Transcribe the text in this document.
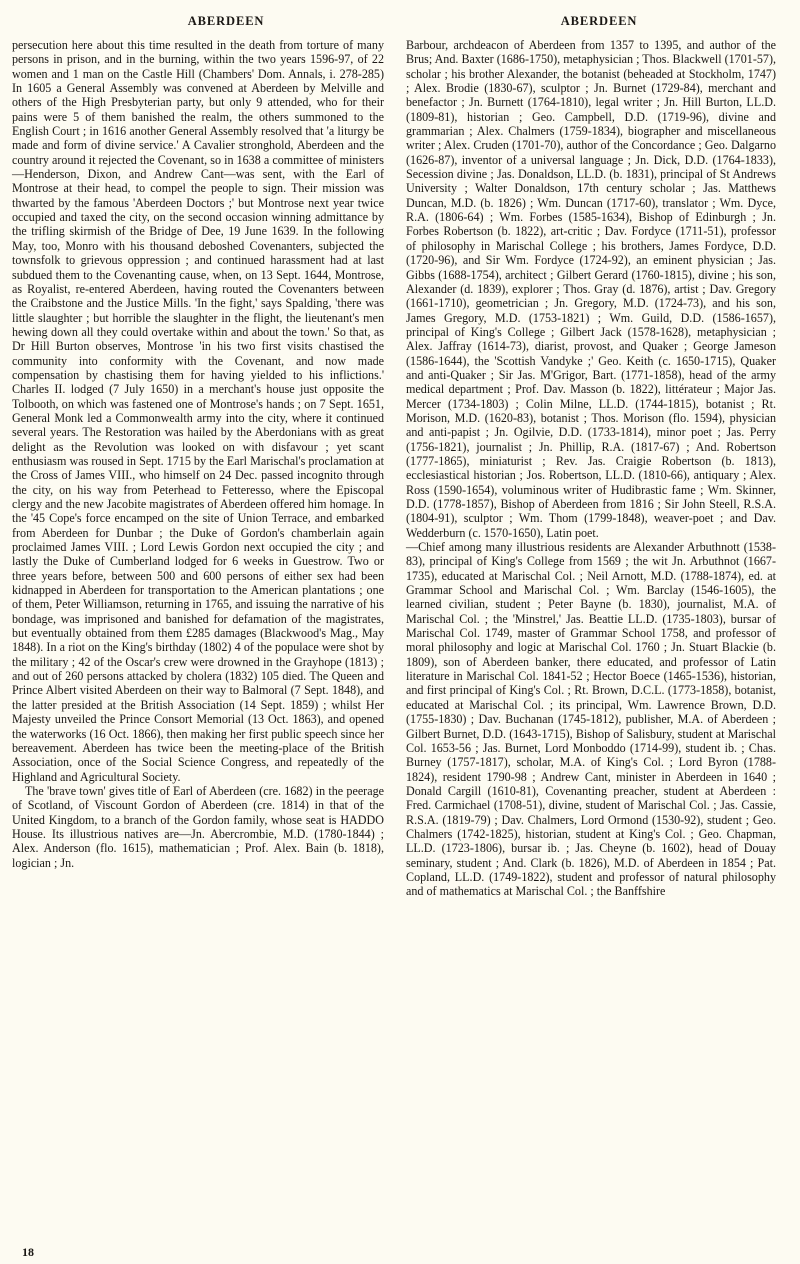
ABERDEEN	ABERDEEN

persecution here about this time resulted in the death from torture of many persons in prison, and in the burning, within the two years 1596-97, of 22 women and 1 man on the Castle Hill (Chambers' Dom. Annals, i. 278-285) In 1605 a General Assembly was convened at Aberdeen by Melville and others of the High Presbyterian party, but only 9 attended, who for their pains were 5 of them banished the realm, the others summoned to the English Court ; in 1616 another General Assembly resolved that 'a liturgy be made and form of divine service.' A Cavalier stronghold, Aberdeen and the country around it rejected the Covenant, so in 1638 a committee of ministers—Henderson, Dixon, and Andrew Cant—was sent, with the Earl of Montrose at their head, to compel the people to sign. Their mission was thwarted by the famous 'Aberdeen Doctors ;' but Montrose next year twice occupied and taxed the city, on the second occasion winning admittance by the trifling skirmish of the Bridge of Dee, 19 June 1639. In the following May, too, Monro with his thousand deboshed Covenanters, subjected the townsfolk to grievous oppression ; and continued harassment had at last subdued them to the Covenanting cause, when, on 13 Sept. 1644, Montrose, as Royalist, re-entered Aberdeen, having routed the Covenanters between the Craibstone and the Justice Mills. 'In the fight,' says Spalding, 'there was little slaughter ; but horrible the slaughter in the flight, the lieutenant's men hewing down all they could overtake within and about the town.' So that, as Dr Hill Burton observes, Montrose 'in his two first visits chastised the community into conformity with the Covenant, and now made compensation by chastising them for having yielded to his inflictions.' Charles II. lodged (7 July 1650) in a merchant's house just opposite the Tolbooth, on which was fastened one of Montrose's hands ; on 7 Sept. 1651, General Monk led a Commonwealth army into the city, where it continued several years. The Restoration was hailed by the Aberdonians with as great delight as the Revolution was looked on with disfavour ; yet scant enthusiasm was roused in Sept. 1715 by the Earl Marischal's proclamation at the Cross of James VIII., who himself on 24 Dec. passed incognito through the city, on his way from Peterhead to Fetteresso, where the Episcopal clergy and the new Jacobite magistrates of Aberdeen offered him homage. In the '45 Cope's force encamped on the site of Union Terrace, and embarked from Aberdeen for Dunbar ; the Duke of Gordon's chamberlain again proclaimed James VIII. ; Lord Lewis Gordon next occupied the city ; and lastly the Duke of Cumberland lodged for 6 weeks in Guestrow. Two or three years before, between 500 and 600 persons of either sex had been kidnapped in Aberdeen for transportation to the American plantations ; one of them, Peter Williamson, returning in 1765, and issuing the narrative of his bondage, was imprisoned and banished for defamation of the magistrates, but eventually obtained from them £285 damages (Blackwood's Mag., May 1848). In a riot on the King's birthday (1802) 4 of the populace were shot by the military ; 42 of the Oscar's crew were drowned in the Grayhope (1813) ; and out of 260 persons attacked by cholera (1832) 105 died. The Queen and Prince Albert visited Aberdeen on their way to Balmoral (7 Sept. 1848), and the latter presided at the British Association (14 Sept. 1859) ; whilst Her Majesty unveiled the Prince Consort Memorial (13 Oct. 1863), and opened the waterworks (16 Oct. 1866), then making her first public speech since her bereavement. Aberdeen has twice been the meeting-place of the British Association, once of the Social Science Congress, and repeatedly of the Highland and Agricultural Society.

The 'brave town' gives title of Earl of Aberdeen (cre. 1682) in the peerage of Scotland, of Viscount Gordon of Aberdeen (cre. 1814) in that of the United Kingdom, to a branch of the Gordon family, whose seat is HADDO House. Its illustrious natives are—Jn. Abercrombie, M.D. (1780-1844) ; Alex. Anderson (flo. 1615), mathematician ; Prof. Alex. Bain (b. 1818), logician ; Jn.

Barbour, archdeacon of Aberdeen from 1357 to 1395, and author of the Brus; And. Baxter (1686-1750), metaphysician ; Thos. Blackwell (1701-57), scholar ; his brother Alexander, the botanist (beheaded at Stockholm, 1747) ; Alex. Brodie (1830-67), sculptor ; Jn. Burnet (1729-84), merchant and benefactor ; Jn. Burnett (1764-1810), legal writer ; Jn. Hill Burton, LL.D. (1809-81), historian ; Geo. Campbell, D.D. (1719-96), divine and grammarian ; Alex. Chalmers (1759-1834), biographer and miscellaneous writer ; Alex. Cruden (1701-70), author of the Concordance ; Geo. Dalgarno (1626-87), inventor of a universal language ; Jn. Dick, D.D. (1764-1833), Secession divine ; Jas. Donaldson, LL.D. (b. 1831), principal of St Andrews University ; Walter Donaldson, 17th century scholar ; Jas. Matthews Duncan, M.D. (b. 1826) ; Wm. Duncan (1717-60), translator ; Wm. Dyce, R.A. (1806-64) ; Wm. Forbes (1585-1634), Bishop of Edinburgh ; Jn. Forbes Robertson (b. 1822), art-critic ; Dav. Fordyce (1711-51), professor of philosophy in Marischal College ; his brothers, James Fordyce, D.D. (1720-96), and Sir Wm. Fordyce (1724-92), an eminent physician ; Jas. Gibbs (1688-1754), architect ; Gilbert Gerard (1760-1815), divine ; his son, Alexander (d. 1839), explorer ; Thos. Gray (d. 1876), artist ; Dav. Gregory (1661-1710), geometrician ; Jn. Gregory, M.D. (1724-73), and his son, James Gregory, M.D. (1753-1821) ; Wm. Guild, D.D. (1586-1657), principal of King's College ; Gilbert Jack (1578-1628), metaphysician ; Alex. Jaffray (1614-73), diarist, provost, and Quaker ; George Jameson (1586-1644), the 'Scottish Vandyke ;' Geo. Keith (c. 1650-1715), Quaker and anti-Quaker ; Sir Jas. M'Grigor, Bart. (1771-1858), head of the army medical department ; Prof. Dav. Masson (b. 1822), littérateur ; Major Jas. Mercer (1734-1803) ; Colin Milne, LL.D. (1744-1815), botanist ; Rt. Morison, M.D. (1620-83), botanist ; Thos. Morison (flo. 1594), physician and anti-papist ; Jn. Ogilvie, D.D. (1733-1814), minor poet ; Jas. Perry (1756-1821), journalist ; Jn. Phillip, R.A. (1817-67) ; And. Robertson (1777-1865), miniaturist ; Rev. Jas. Craigie Robertson (b. 1813), ecclesiastical historian ; Jos. Robertson, LL.D. (1810-66), antiquary ; Alex. Ross (1590-1654), voluminous writer of Hudibrastic fame ; Wm. Skinner, D.D. (1778-1857), Bishop of Aberdeen from 1816 ; Sir John Steell, R.S.A. (1804-91), sculptor ; Wm. Thom (1799-1848), weaver-poet ; and Dav. Wedderburn (c. 1570-1650), Latin poet.

—Chief among many illustrious residents are Alexander Arbuthnott (1538-83), principal of King's College from 1569 ; the wit Jn. Arbuthnot (1667-1735), educated at Marischal Col. ; Neil Arnott, M.D. (1788-1874), ed. at Grammar School and Marischal Col. ; Wm. Barclay (1546-1605), the learned civilian, student ; Peter Bayne (b. 1830), journalist, M.A. of Marischal Col. ; the 'Minstrel,' Jas. Beattie LL.D. (1735-1803), bursar of Marischal Col. 1749, master of Grammar School 1758, and professor of moral philosophy and logic at Marischal Col. 1760 ; Jn. Stuart Blackie (b. 1809), son of Aberdeen banker, there educated, and professor of Latin literature in Marischal Col. 1841-52 ; Hector Boece (1465-1536), historian, and first principal of King's Col. ; Rt. Brown, D.C.L. (1773-1858), botanist, educated at Marischal Col. ; its principal, Wm. Lawrence Brown, D.D. (1755-1830) ; Dav. Buchanan (1745-1812), publisher, M.A. of Aberdeen ; Gilbert Burnet, D.D. (1643-1715), Bishop of Salisbury, student at Marischal Col. 1653-56 ; Jas. Burnet, Lord Monboddo (1714-99), student ib. ; Chas. Burney (1757-1817), scholar, M.A. of King's Col. ; Lord Byron (1788-1824), resident 1790-98 ; Andrew Cant, minister in Aberdeen in 1640 ; Donald Cargill (1610-81), Covenanting preacher, student at Aberdeen : Fred. Carmichael (1708-51), divine, student of Marischal Col. ; Jas. Cassie, R.S.A. (1819-79) ; Dav. Chalmers, Lord Ormond (1530-92), student ; Geo. Chalmers (1742-1825), historian, student at King's Col. ; Geo. Chapman, LL.D. (1723-1806), bursar ib. ; Jas. Cheyne (b. 1602), head of Douay seminary, student ; And. Clark (b. 1826), M.D. of Aberdeen in 1854 ; Pat. Copland, LL.D. (1749-1822), student and professor of natural philosophy and of mathematics at Marischal Col. ; the Banffshire

18
